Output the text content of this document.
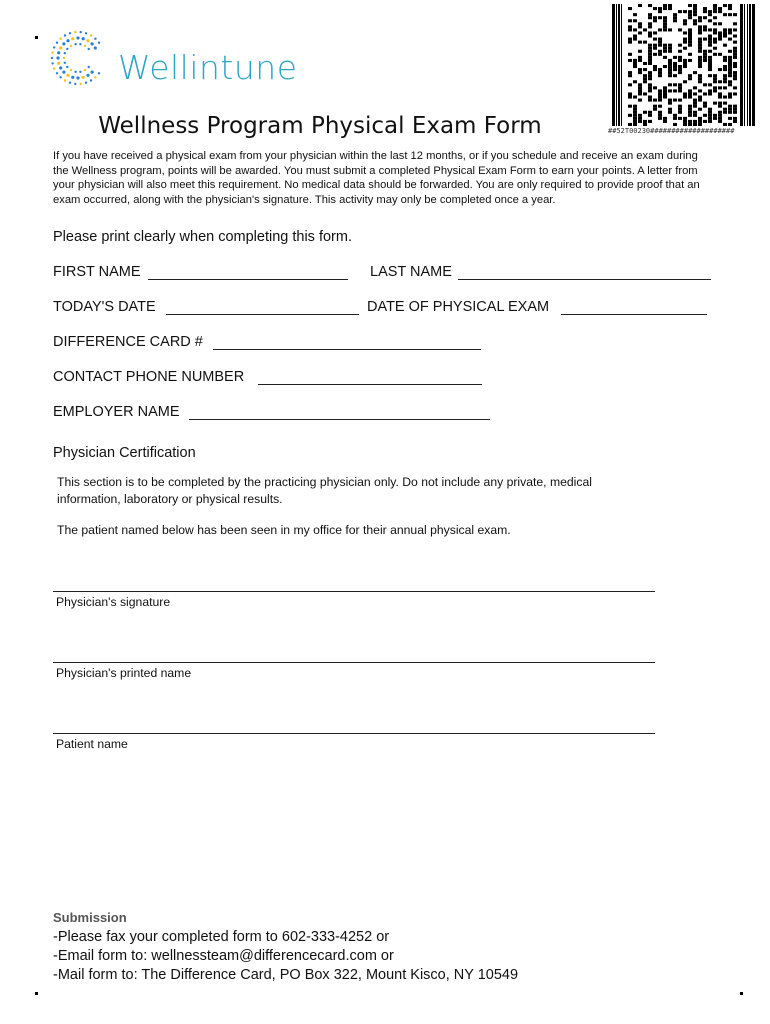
Wellintune
##52T00230####################
Wellness Program Physical Exam Form
If you have received a physical exam from your physician within the last 12 months, or if you schedule and receive an exam during the Wellness program, points will be awarded. You must submit a completed Physical Exam Form to earn your points. A letter from your physician will also meet this requirement. No medical data should be forwarded. You are only required to provide proof that an exam occurred, along with the physician's signature. This activity may only be completed once a year.
Please print clearly when completing this form.
FIRST NAME	LAST NAME
TODAY'S DATE	DATE OF PHYSICAL EXAM
DIFFERENCE CARD #
CONTACT PHONE NUMBER
EMPLOYER NAME
Physician Certification
This section is to be completed by the practicing physician only. Do not include any private, medical information, laboratory or physical results.
The patient named below has been seen in my office for their annual physical exam.
Physician's signature
Physician's printed name
Patient name
Submission
-Please fax your completed form to 602-333-4252 or
-Email form to: wellnessteam@differencecard.com or
-Mail form to: The Difference Card, PO Box 322, Mount Kisco, NY 10549
